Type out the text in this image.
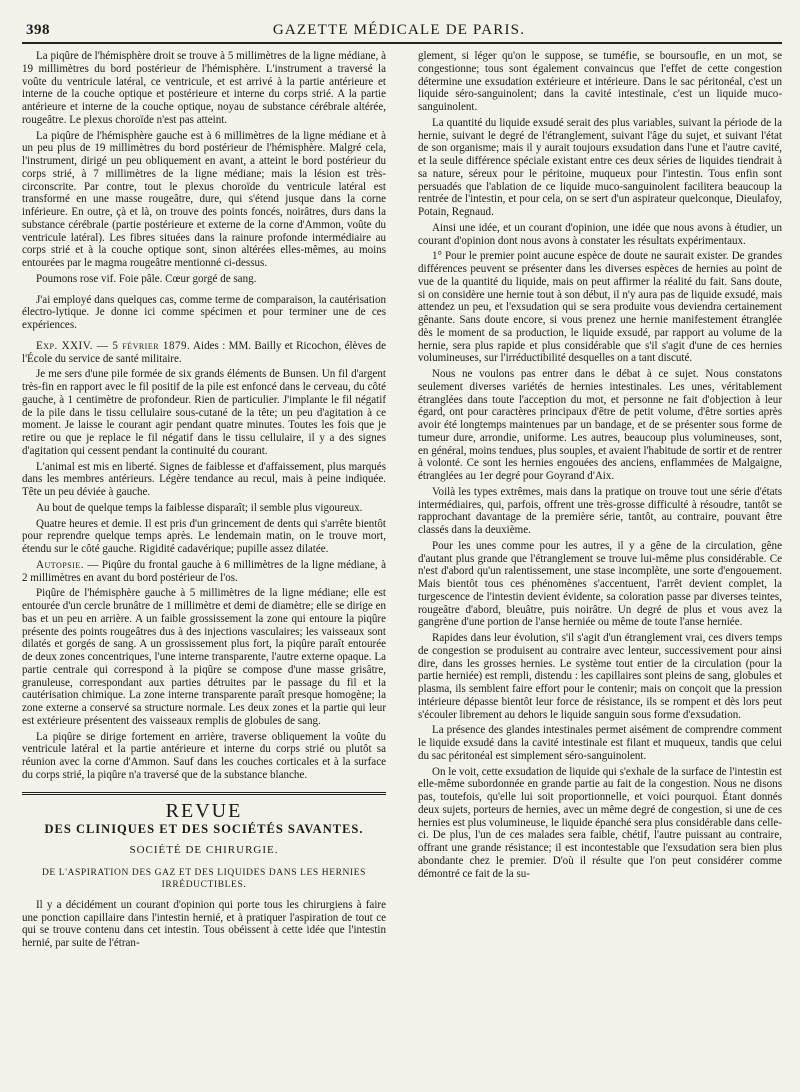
398	GAZETTE MÉDICALE DE PARIS.

La piqûre de l'hémisphère droit se trouve à 5 millimètres de la ligne médiane, à 19 millimètres du bord postérieur de l'hémisphère. L'instrument a traversé la voûte du ventricule latéral, ce ventricule, et est arrivé à la partie antérieure et interne de la couche optique et postérieure et interne du corps strié. A la partie antérieure et interne de la couche optique, noyau de substance cérébrale altérée, rougeâtre. Le plexus choroïde n'est pas atteint.

La piqûre de l'hémisphère gauche est à 6 millimètres de la ligne médiane et à un peu plus de 19 millimètres du bord postérieur de l'hémisphère. Malgré cela, l'instrument, dirigé un peu obliquement en avant, a atteint le bord postérieur du corps strié, à 7 millimètres de la ligne médiane; mais la lésion est très-circonscrite. Par contre, tout le plexus choroïde du ventricule latéral est transformé en une masse rougeâtre, dure, qui s'étend jusque dans la corne inférieure. En outre, çà et là, on trouve des points foncés, noirâtres, durs dans la substance cérébrale (partie postérieure et externe de la corne d'Ammon, voûte du ventricule latéral). Les fibres situées dans la rainure profonde intermédiaire au corps strié et à la couche optique sont, sinon altérées elles-mêmes, au moins entourées par le magma rougeâtre mentionné ci-dessus.

Poumons rose vif. Foie pâle. Cœur gorgé de sang.

J'ai employé dans quelques cas, comme terme de comparaison, la cautérisation électro-lytique. Je donne ici comme spécimen et pour terminer une de ces expériences.

Exp. XXIV. — 5 février 1879. Aides : MM. Bailly et Ricochon, élèves de l'École du service de santé militaire.

Je me sers d'une pile formée de six grands éléments de Bunsen. Un fil d'argent très-fin en rapport avec le fil positif de la pile est enfoncé dans le cerveau, du côté gauche, à 1 centimètre de profondeur. Rien de particulier. J'implante le fil négatif de la pile dans le tissu cellulaire sous-cutané de la tête; un peu d'agitation à ce moment. Je laisse le courant agir pendant quatre minutes. Toutes les fois que je retire ou que je replace le fil négatif dans le tissu cellulaire, il y a des signes d'agitation qui cessent pendant la continuité du courant.

L'animal est mis en liberté. Signes de faiblesse et d'affaissement, plus marqués dans les membres antérieurs. Légère tendance au recul, mais à peine indiquée. Tête un peu déviée à gauche.

Au bout de quelque temps la faiblesse disparaît; il semble plus vigoureux.

Quatre heures et demie. Il est pris d'un grincement de dents qui s'arrête bientôt pour reprendre quelque temps après. Le lendemain matin, on le trouve mort, étendu sur le côté gauche. Rigidité cadavérique; pupille assez dilatée.

Autopsie. — Piqûre du frontal gauche à 6 millimètres de la ligne médiane, à 2 millimètres en avant du bord postérieur de l'os.

Piqûre de l'hémisphère gauche à 5 millimètres de la ligne médiane; elle est entourée d'un cercle brunâtre de 1 millimètre et demi de diamètre; elle se dirige en bas et un peu en arrière. A un faible grossissement la zone qui entoure la piqûre présente des points rougeâtres dus à des injections vasculaires; les vaisseaux sont dilatés et gorgés de sang. A un grossissement plus fort, la piqûre paraît entourée de deux zones concentriques, l'une interne transparente, l'autre externe opaque. La partie centrale qui correspond à la piqûre se compose d'une masse grisâtre, granuleuse, correspondant aux parties détruites par le passage du fil et la cautérisation chimique. La zone interne transparente paraît presque homogène; la zone externe a conservé sa structure normale. Les deux zones et la partie qui leur est extérieure présentent des vaisseaux remplis de globules de sang.

La piqûre se dirige fortement en arrière, traverse obliquement la voûte du ventricule latéral et la partie antérieure et interne du corps strié ou plutôt sa réunion avec la corne d'Ammon. Sauf dans les couches corticales et à la surface du corps strié, la piqûre n'a traversé que de la substance blanche.

REVUE
DES CLINIQUES ET DES SOCIÉTÉS SAVANTES.
SOCIÉTÉ DE CHIRURGIE.
DE L'ASPIRATION DES GAZ ET DES LIQUIDES DANS LES HERNIES IRRÉDUCTIBLES.

Il y a décidément un courant d'opinion qui porte tous les chirurgiens à faire une ponction capillaire dans l'intestin hernié, et à pratiquer l'aspiration de tout ce qui se trouve contenu dans cet intestin. Tous obéissent à cette idée que l'intestin hernié, par suite de l'étran-

glement, si léger qu'on le suppose, se tuméfie, se boursoufle, en un mot, se congestionne; tous sont également convaincus que l'effet de cette congestion détermine une exsudation extérieure et intérieure. Dans le sac péritonéal, c'est un liquide séro-sanguinolent; dans la cavité intestinale, c'est un liquide muco-sanguinolent.

La quantité du liquide exsudé serait des plus variables, suivant la période de la hernie, suivant le degré de l'étranglement, suivant l'âge du sujet, et suivant l'état de son organisme; mais il y aurait toujours exsudation dans l'une et l'autre cavité, et la seule différence spéciale existant entre ces deux séries de liquides tiendrait à sa nature, séreux pour le péritoine, muqueux pour l'intestin. Tous enfin sont persuadés que l'ablation de ce liquide muco-sanguinolent facilitera beaucoup la rentrée de l'intestin, et pour cela, on se sert d'un aspirateur quelconque, Dieulafoy, Potain, Regnaud.

Ainsi une idée, et un courant d'opinion, une idée que nous avons à étudier, un courant d'opinion dont nous avons à constater les résultats expérimentaux.

1° Pour le premier point aucune espèce de doute ne saurait exister. De grandes différences peuvent se présenter dans les diverses espèces de hernies au point de vue de la quantité du liquide, mais on peut affirmer la réalité du fait. Sans doute, si on considère une hernie tout à son début, il n'y aura pas de liquide exsudé, mais attendez un peu, et l'exsudation qui se sera produite vous deviendra certainement gênante. Sans doute encore, si vous prenez une hernie manifestement étranglée dès le moment de sa production, le liquide exsudé, par rapport au volume de la hernie, sera plus rapide et plus considérable que s'il s'agit d'une de ces hernies volumineuses, sur l'irréductibilité desquelles on a tant discuté.

Nous ne voulons pas entrer dans le débat à ce sujet. Nous constatons seulement diverses variétés de hernies intestinales. Les unes, véritablement étranglées dans toute l'acception du mot, et personne ne fait d'objection à leur égard, ont pour caractères principaux d'être de petit volume, d'être sorties après avoir été longtemps maintenues par un bandage, et de se présenter sous forme de tumeur dure, arrondie, uniforme. Les autres, beaucoup plus volumineuses, sont, en général, moins tendues, plus souples, et avaient l'habitude de sortir et de rentrer à volonté. Ce sont les hernies engouées des anciens, enflammées de Malgaigne, étranglées au 1er degré pour Goyrand d'Aix.

Voilà les types extrêmes, mais dans la pratique on trouve tout une série d'états intermédiaires, qui, parfois, offrent une très-grosse difficulté à résoudre, tantôt se rapprochant davantage de la première série, tantôt, au contraire, pouvant être classés dans la deuxième.

Pour les unes comme pour les autres, il y a gêne de la circulation, gêne d'autant plus grande que l'étranglement se trouve lui-même plus considérable. Ce n'est d'abord qu'un ralentissement, une stase incomplète, une sorte d'engouement. Mais bientôt tous ces phénomènes s'accentuent, l'arrêt devient complet, la turgescence de l'intestin devient évidente, sa coloration passe par diverses teintes, rougeâtre d'abord, bleuâtre, puis noirâtre. Un degré de plus et vous avez la gangrène d'une portion de l'anse herniée ou même de toute l'anse herniée.

Rapides dans leur évolution, s'il s'agit d'un étranglement vrai, ces divers temps de congestion se produisent au contraire avec lenteur, successivement pour ainsi dire, dans les grosses hernies. Le système tout entier de la circulation (pour la partie herniée) est rempli, distendu : les capillaires sont pleins de sang, globules et plasma, ils semblent faire effort pour le contenir; mais on conçoit que la pression intérieure dépasse bientôt leur force de résistance, ils se rompent et dès lors peut s'écouler librement au dehors le liquide sanguin sous forme d'exsudation.

La présence des glandes intestinales permet aisément de comprendre comment le liquide exsudé dans la cavité intestinale est filant et muqueux, tandis que celui du sac péritonéal est simplement séro-sanguinolent.

On le voit, cette exsudation de liquide qui s'exhale de la surface de l'intestin est elle-même subordonnée en grande partie au fait de la congestion. Nous ne disons pas, toutefois, qu'elle lui soit proportionnelle, et voici pourquoi. Étant donnés deux sujets, porteurs de hernies, avec un même degré de congestion, si une de ces hernies est plus volumineuse, le liquide épanché sera plus considérable dans celle-ci. De plus, l'un de ces malades sera faible, chétif, l'autre puissant au contraire, offrant une grande résistance; il est incontestable que l'exsudation sera bien plus abondante chez le premier. D'où il résulte que l'on peut considérer comme démontré ce fait de la su-
